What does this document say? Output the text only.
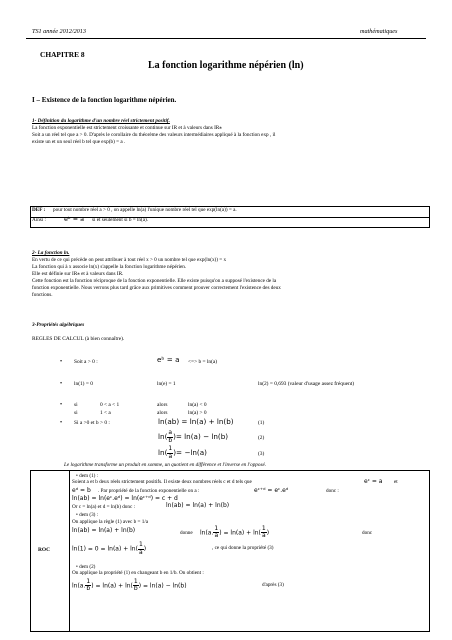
TS1 année 2012/2013	mathématiques
CHAPITRE 8
La fonction logarithme népérien (ln)
I – Existence de la fonction logarithme népérien.
1- Définition du logarithme d'un nombre réel strictement positif.
La fonction exponentielle est strictement croissante et continue sur IR et à valeurs dans IR⁎
Soit a un réel tel que a > 0. D'après le corollaire du théorème des valeurs intermédiaires appliqué à la fonction exp , il
existe un et un seul réel b tel que exp(b) = a .
DEF : pour tout nombre réel a > 0 , on appelle ln(a) l'unique nombre réel tel que exp(ln(a)) = a.
Ainsi :	eᵇ = a si et seulement si b = ln(a).
2- La fonction ln.
En vertu de ce qui précède on peut attribuer à tout réel x > 0 un nombre tel que exp(ln(x)) = x
La fonction qui à x associe ln(x) s'appelle la fonction logarithme népérien.
Elle est définie sur IR⁎ et à valeurs dans IR.
Cette fonction est la fonction réciproque de la fonction exponentielle. Elle existe puisqu'on a supposé l'existence de la
fonction exponentielle. Nous verrons plus tard grâce aux primitives comment prouver correctement l'existence des deux
fonctions.
3-Propriétés algébriques
REGLES DE CALCUL (à bien connaître).
• Soit a > 0 :	eᵇ = a <=> b = ln(a)
• ln(1) = 0	ln(e) = 1	ln(2) = 0,693 (valeur d'usage assez fréquent)
• si	0 < a < 1	alors	ln(a) < 0
si	1 < a	alors	ln(a) > 0
ROC
• dem (1) :
Soient a et b deux réels strictement positifs. Il existe deux nombres réels c et d tels que	eᶜ = a et
eᵈ = b . Par propriété de la fonction exponentielle on a :	eᶜ⁺ᵈ = eᶜ.eᵈ	donc :
ln(ab) = ln(eᶜ.eᵈ) = ln(eᶜ⁺ᵈ) = c + d
Or c = ln(a) et d = ln(b) donc :	ln(ab) = ln(a) + ln(b)
• dem (3) :
On applique la règle (1) avec b = 1/a
ln(ab) = ln(a) + ln(b)	donne ln(a. $\frac{1}{a}$ ) = $\ln(a) + \ln( \frac{1}{a}$ )	donc
$\ln(1) = 0 = \ln(a) + \ln( \frac{1}{a}$ )	, ce qui donne la propriété (3)
• dem (2)
On applique la propriété (1) en changeant b en 1/b. On obtient :
ln(a. $\frac{1}{b}$ ) = $\ln(a) + \ln( \frac{1}{b}$ ) = ln(a) − ln(b)	d'après (3)
• Si a >0 et b > 0 :	ln(ab) = ln(a) + ln(b)	(1)
$\ln( \frac{a}{b}$ )= ln(a) − ln(b)	(2)
$\ln( \frac{1}{a}$ )= −ln(a)	(3)
Le logarithme transforme un produit en somme, un quotient en différence et l'inverse en l'opposé.
